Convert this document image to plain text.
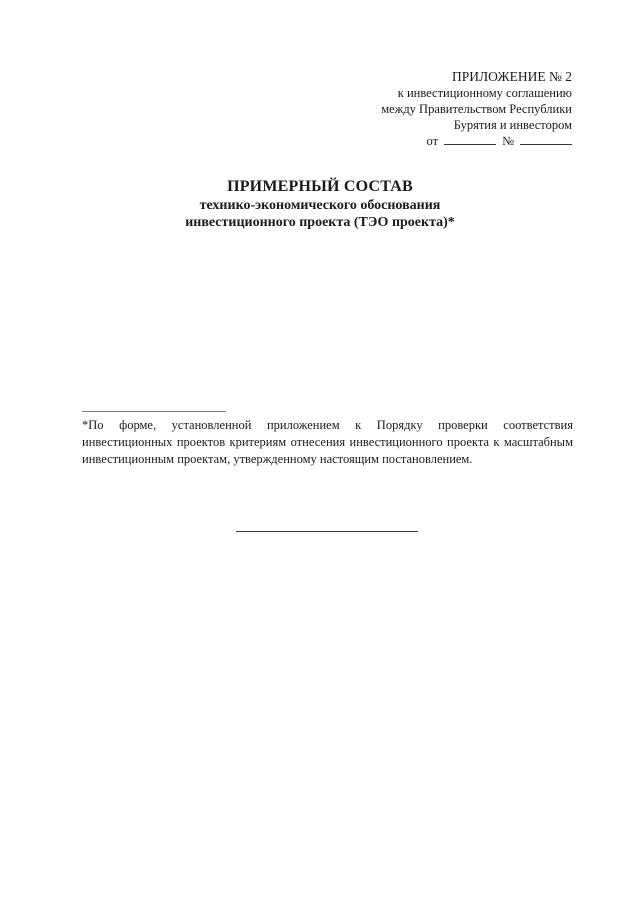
ПРИЛОЖЕНИЕ № 2
к инвестиционному соглашению
между Правительством Республики
Бурятия и инвестором
от	№
ПРИМЕРНЫЙ СОСТАВ
технико-экономического обоснования
инвестиционного проекта (ТЭО проекта)*
*По форме, установленной приложением к Порядку проверки соответствия инвестиционных проектов критериям отнесения инвестиционного проекта к масштабным инвестиционным проектам, утвержденному настоящим постановлением.
